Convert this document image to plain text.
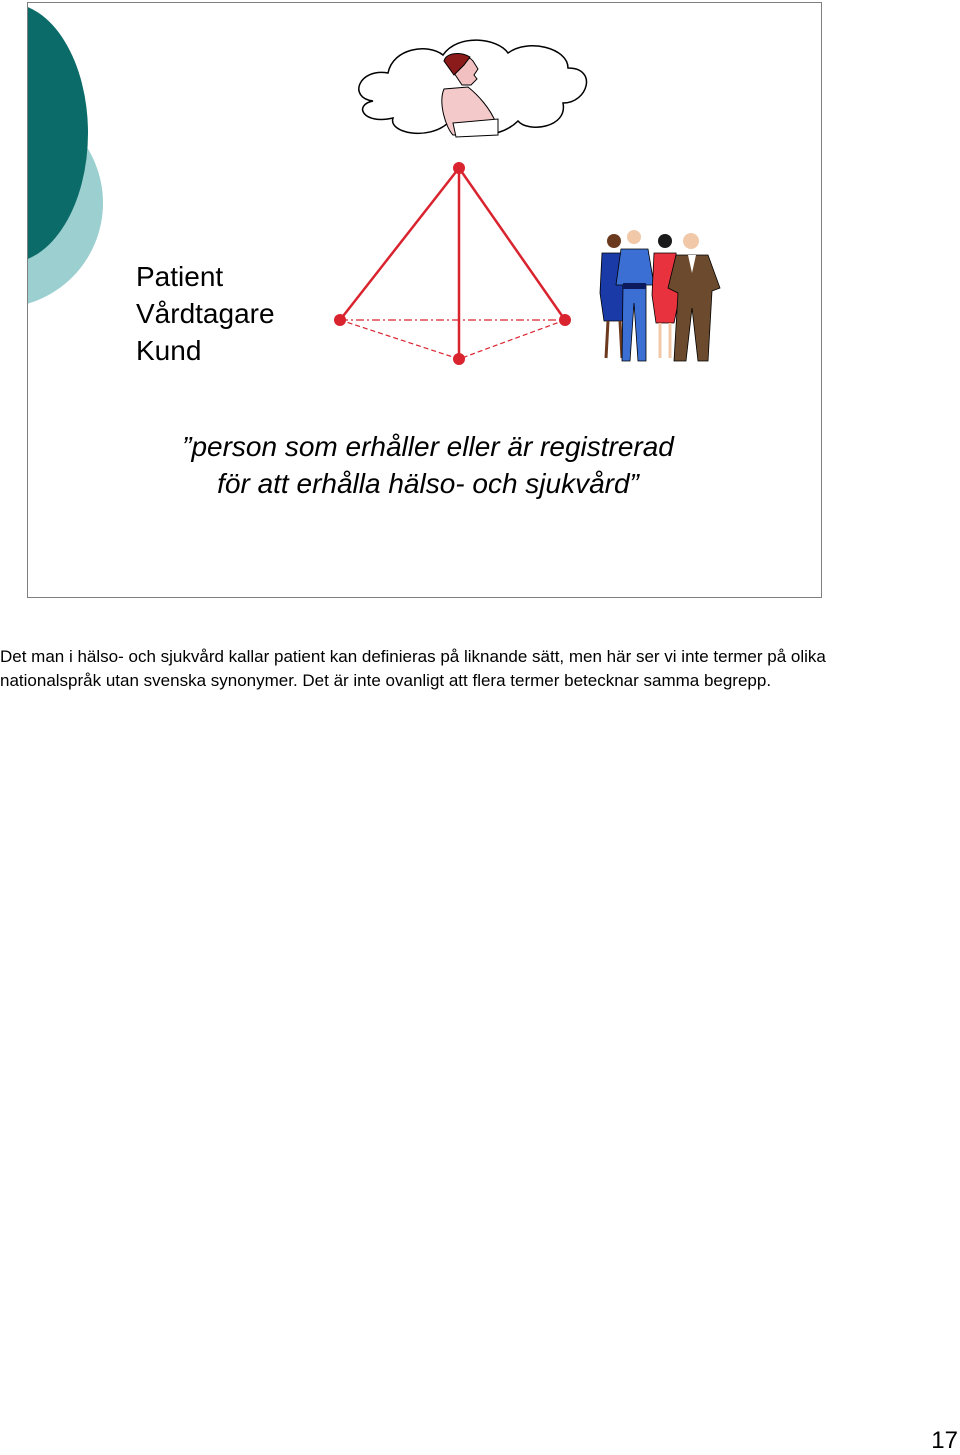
Patient
Vårdtagare
Kund
”person som erhåller eller är registrerad för att erhålla hälso- och sjukvård”
Det man i hälso- och sjukvård kallar patient kan definieras på liknande sätt, men här ser vi inte termer på olika nationalspråk utan svenska synonymer. Det är inte ovanligt att flera termer betecknar samma begrepp.
17
